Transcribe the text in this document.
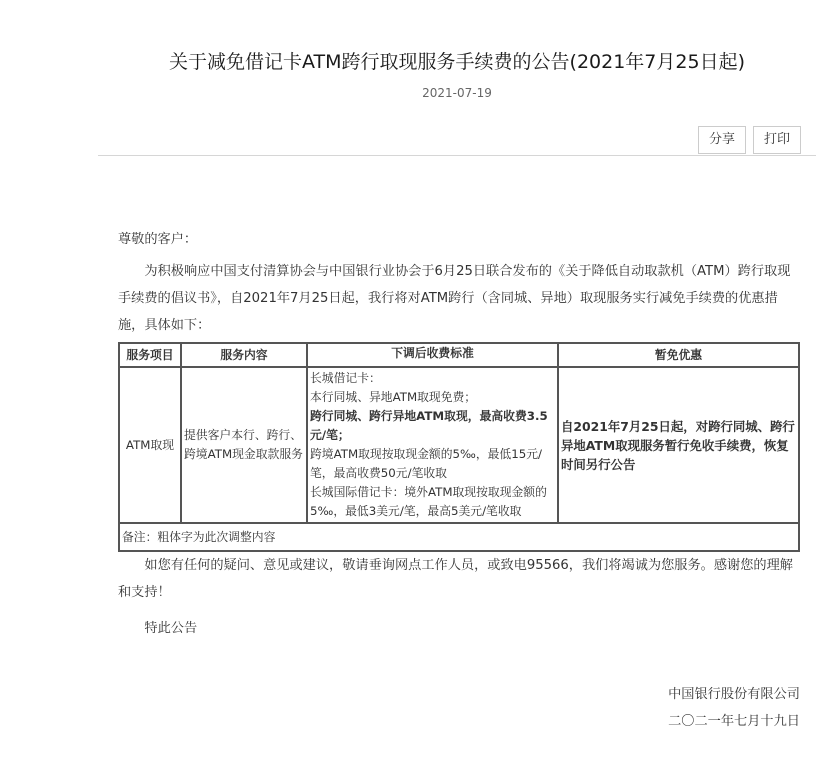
关于减免借记卡ATM跨行取现服务手续费的公告(2021年7月25日起)
2021-07-19
分享	打印

尊敬的客户：

为积极响应中国支付清算协会与中国银行业协会于6月25日联合发布的《关于降低自动取款机（ATM）跨行取现手续费的倡议书》，自2021年7月25日起，我行将对ATM跨行（含同城、异地）取现服务实行减免手续费的优惠措施，具体如下：

服务项目	服务内容	下调后收费标准	暂免优惠
ATM取现	提供客户本行、跨行、跨境ATM现金取款服务	长城借记卡：
本行同城、异地ATM取现免费；
跨行同城、跨行异地ATM取现，最高收费3.5元/笔；
跨境ATM取现按取现金额的5‰，最低15元/笔，最高收费50元/笔收取
长城国际借记卡：境外ATM取现按取现金额的5‰，最低3美元/笔，最高5美元/笔收取	自2021年7月25日起，对跨行同城、跨行异地ATM取现服务暂行免收手续费，恢复时间另行公告
备注：粗体字为此次调整内容			

如您有任何的疑问、意见或建议，敬请垂询网点工作人员，或致电95566，我们将竭诚为您服务。感谢您的理解和支持！

特此公告

中国银行股份有限公司
二〇二一年七月十九日
